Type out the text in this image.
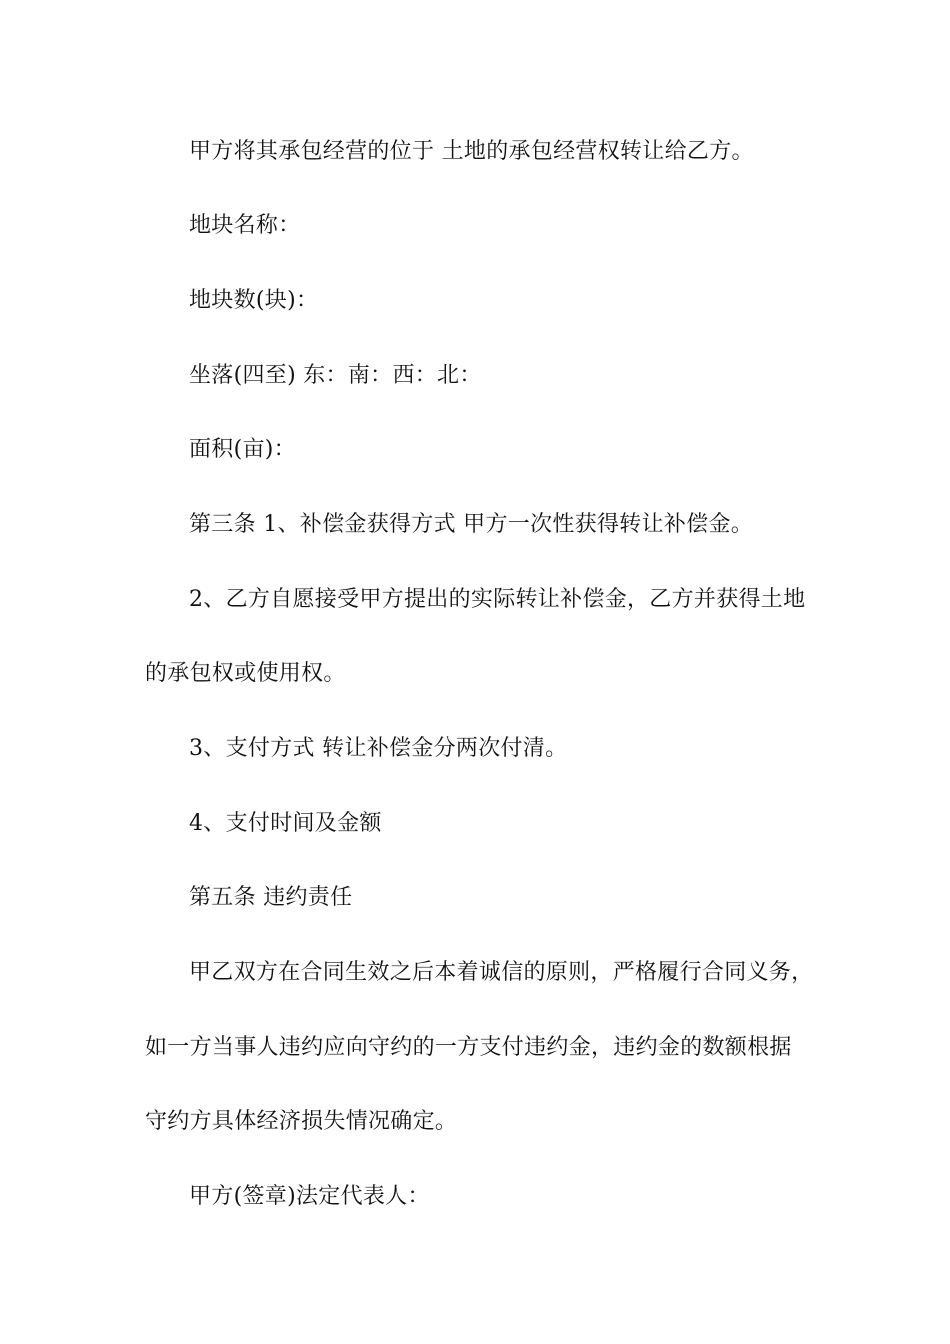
甲方将其承包经营的位于 土地的承包经营权转让给乙方。
地块名称：
地块数(块)：
坐落(四至) 东：南：西：北：
面积(亩)：
第三条 1、补偿金获得方式 甲方一次性获得转让补偿金。
2、乙方自愿接受甲方提出的实际转让补偿金，乙方并获得土地
的承包权或使用权。
3、支付方式 转让补偿金分两次付清。
4、支付时间及金额
第五条 违约责任
甲乙双方在合同生效之后本着诚信的原则，严格履行合同义务，
如一方当事人违约应向守约的一方支付违约金，违约金的数额根据
守约方具体经济损失情况确定。
甲方(签章)法定代表人：
